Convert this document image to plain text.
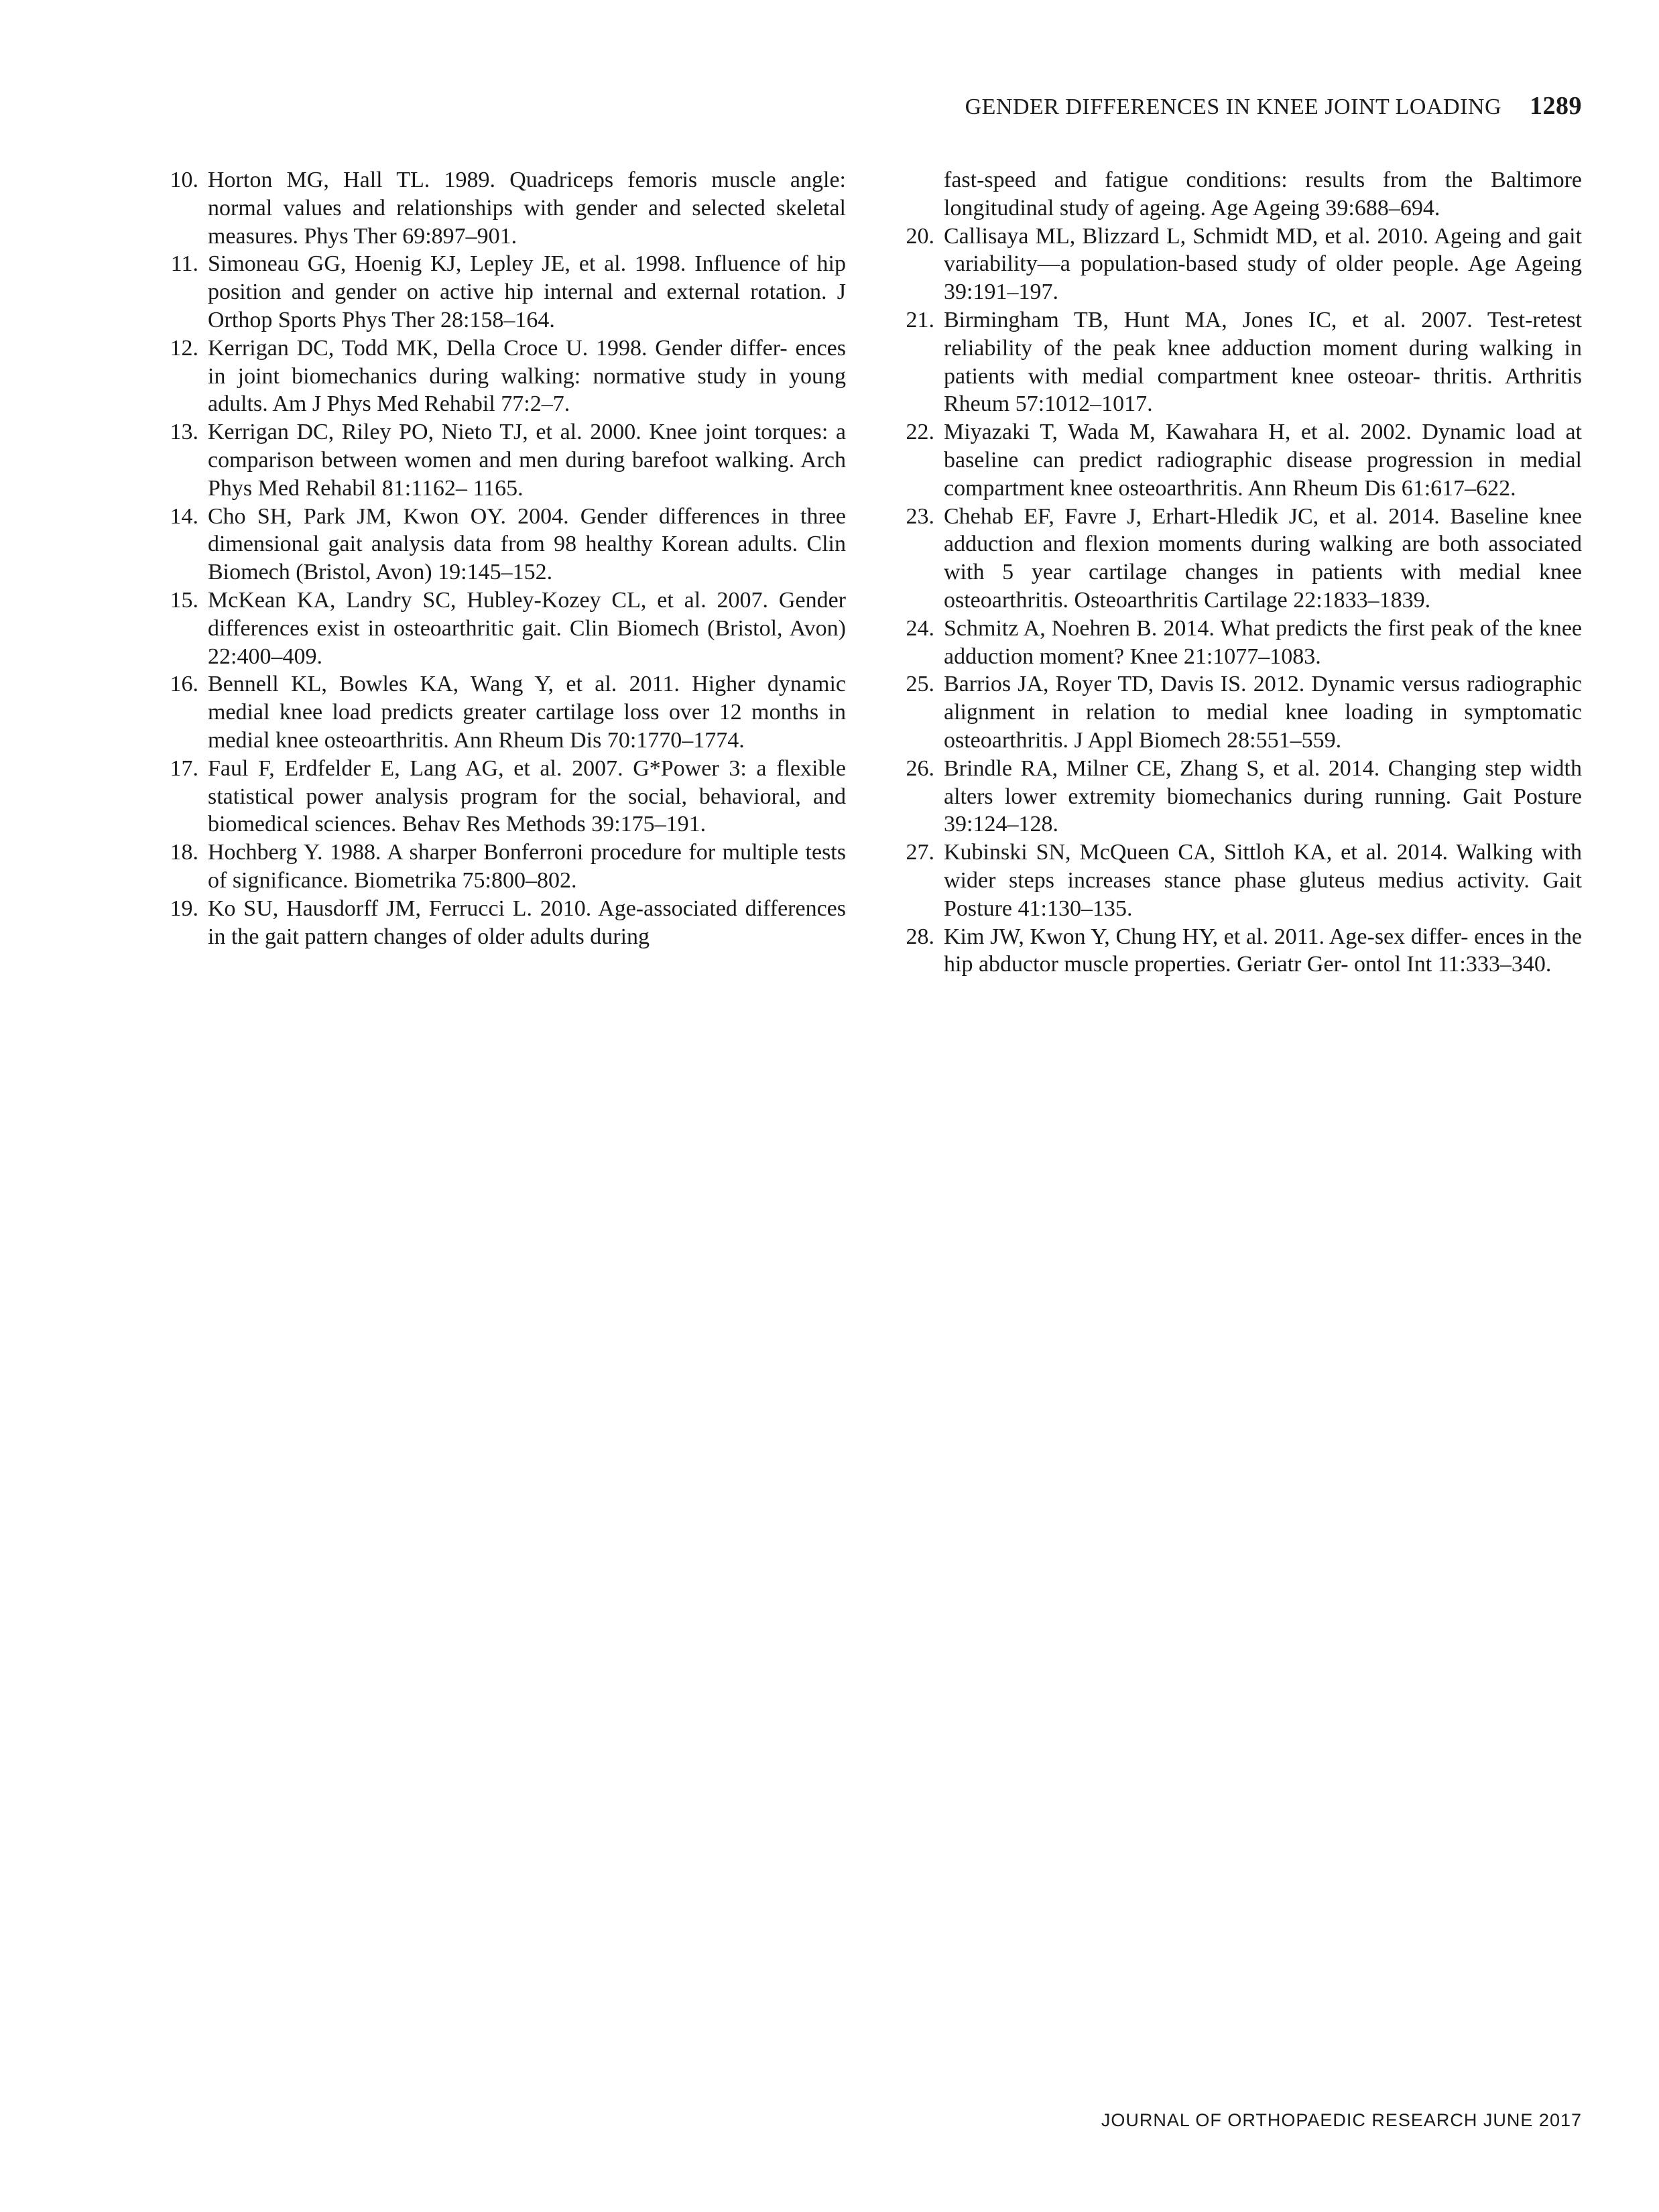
GENDER DIFFERENCES IN KNEE JOINT LOADING 1289

10. Horton MG, Hall TL. 1989. Quadriceps femoris muscle angle: normal values and relationships with gender and selected skeletal measures. Phys Ther 69:897–901.

11. Simoneau GG, Hoenig KJ, Lepley JE, et al. 1998. Influence of hip position and gender on active hip internal and external rotation. J Orthop Sports Phys Ther 28:158–164.

12. Kerrigan DC, Todd MK, Della Croce U. 1998. Gender differ- ences in joint biomechanics during walking: normative study in young adults. Am J Phys Med Rehabil 77:2–7.

13. Kerrigan DC, Riley PO, Nieto TJ, et al. 2000. Knee joint torques: a comparison between women and men during barefoot walking. Arch Phys Med Rehabil 81:1162– 1165.

14. Cho SH, Park JM, Kwon OY. 2004. Gender differences in three dimensional gait analysis data from 98 healthy Korean adults. Clin Biomech (Bristol, Avon) 19:145–152.

15. McKean KA, Landry SC, Hubley-Kozey CL, et al. 2007. Gender differences exist in osteoarthritic gait. Clin Biomech (Bristol, Avon) 22:400–409.

16. Bennell KL, Bowles KA, Wang Y, et al. 2011. Higher dynamic medial knee load predicts greater cartilage loss over 12 months in medial knee osteoarthritis. Ann Rheum Dis 70:1770–1774.

17. Faul F, Erdfelder E, Lang AG, et al. 2007. G*Power 3: a flexible statistical power analysis program for the social, behavioral, and biomedical sciences. Behav Res Methods 39:175–191.

18. Hochberg Y. 1988. A sharper Bonferroni procedure for multiple tests of significance. Biometrika 75:800–802.

19. Ko SU, Hausdorff JM, Ferrucci L. 2010. Age-associated differences in the gait pattern changes of older adults during

fast-speed and fatigue conditions: results from the Baltimore longitudinal study of ageing. Age Ageing 39:688–694.

20. Callisaya ML, Blizzard L, Schmidt MD, et al. 2010. Ageing and gait variability—a population-based study of older people. Age Ageing 39:191–197.

21. Birmingham TB, Hunt MA, Jones IC, et al. 2007. Test-retest reliability of the peak knee adduction moment during walking in patients with medial compartment knee osteoar- thritis. Arthritis Rheum 57:1012–1017.

22. Miyazaki T, Wada M, Kawahara H, et al. 2002. Dynamic load at baseline can predict radiographic disease progression in medial compartment knee osteoarthritis. Ann Rheum Dis 61:617–622.

23. Chehab EF, Favre J, Erhart-Hledik JC, et al. 2014. Baseline knee adduction and flexion moments during walking are both associated with 5 year cartilage changes in patients with medial knee osteoarthritis. Osteoarthritis Cartilage 22:1833–1839.

24. Schmitz A, Noehren B. 2014. What predicts the first peak of the knee adduction moment? Knee 21:1077–1083.

25. Barrios JA, Royer TD, Davis IS. 2012. Dynamic versus radiographic alignment in relation to medial knee loading in symptomatic osteoarthritis. J Appl Biomech 28:551–559.

26. Brindle RA, Milner CE, Zhang S, et al. 2014. Changing step width alters lower extremity biomechanics during running. Gait Posture 39:124–128.

27. Kubinski SN, McQueen CA, Sittloh KA, et al. 2014. Walking with wider steps increases stance phase gluteus medius activity. Gait Posture 41:130–135.

28. Kim JW, Kwon Y, Chung HY, et al. 2011. Age-sex differ- ences in the hip abductor muscle properties. Geriatr Ger- ontol Int 11:333–340.

JOURNAL OF ORTHOPAEDIC RESEARCH JUNE 2017
